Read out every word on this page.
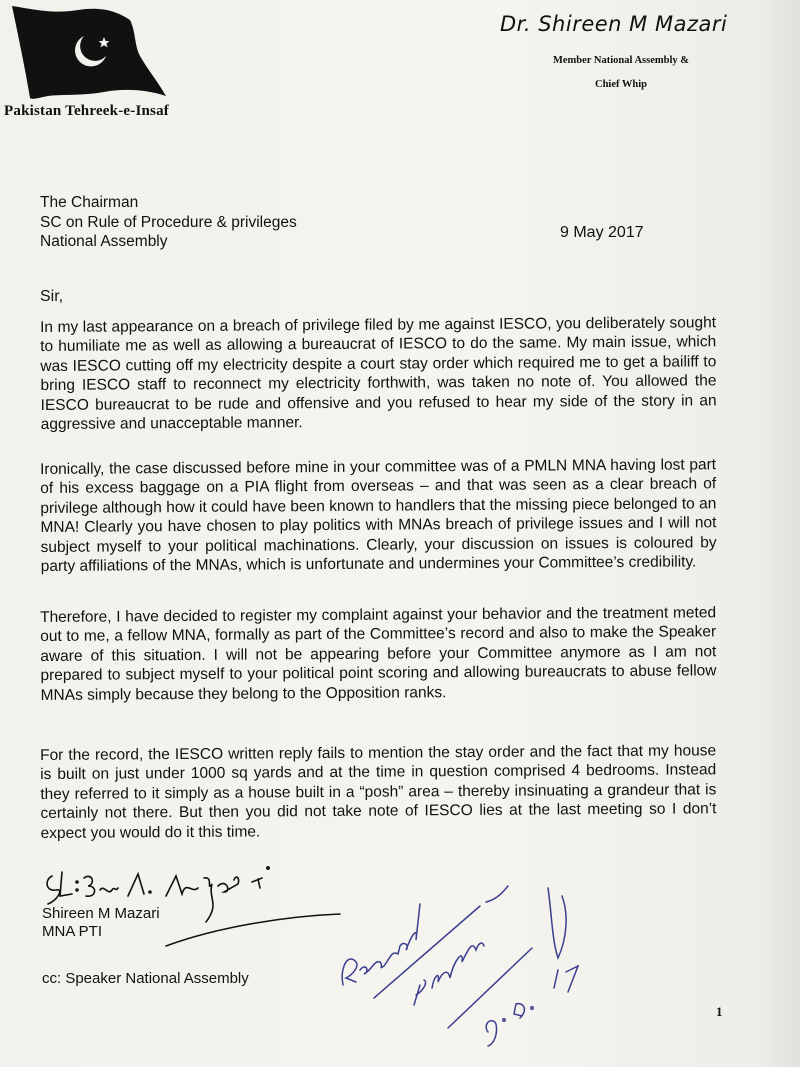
Pakistan Tehreek-e-Insaf
Dr. Shireen M Mazari
Member National Assembly &
Chief Whip
The Chairman
SC on Rule of Procedure & privileges
National Assembly
9 May 2017
Sir,
In my last appearance on a breach of privilege filed by me against IESCO, you deliberately sought to humiliate me as well as allowing a bureaucrat of IESCO to do the same. My main issue, which was IESCO cutting off my electricity despite a court stay order which required me to get a bailiff to bring IESCO staff to reconnect my electricity forthwith, was taken no note of. You allowed the IESCO bureaucrat to be rude and offensive and you refused to hear my side of the story in an aggressive and unacceptable manner.
Ironically, the case discussed before mine in your committee was of a PMLN MNA having lost part of his excess baggage on a PIA flight from overseas – and that was seen as a clear breach of privilege although how it could have been known to handlers that the missing piece belonged to an MNA! Clearly you have chosen to play politics with MNAs breach of privilege issues and I will not subject myself to your political machinations. Clearly, your discussion on issues is coloured by party affiliations of the MNAs, which is unfortunate and undermines your Committee’s credibility.
Therefore, I have decided to register my complaint against your behavior and the treatment meted out to me, a fellow MNA, formally as part of the Committee’s record and also to make the Speaker aware of this situation. I will not be appearing before your Committee anymore as I am not prepared to subject myself to your political point scoring and allowing bureaucrats to abuse fellow MNAs simply because they belong to the Opposition ranks.
For the record, the IESCO written reply fails to mention the stay order and the fact that my house is built on just under 1000 sq yards and at the time in question comprised 4 bedrooms. Instead they referred to it simply as a house built in a “posh” area – thereby insinuating a grandeur that is certainly not there. But then you did not take note of IESCO lies at the last meeting so I don’t expect you would do it this time.
Shireen M Mazari
MNA PTI
cc: Speaker National Assembly
1
